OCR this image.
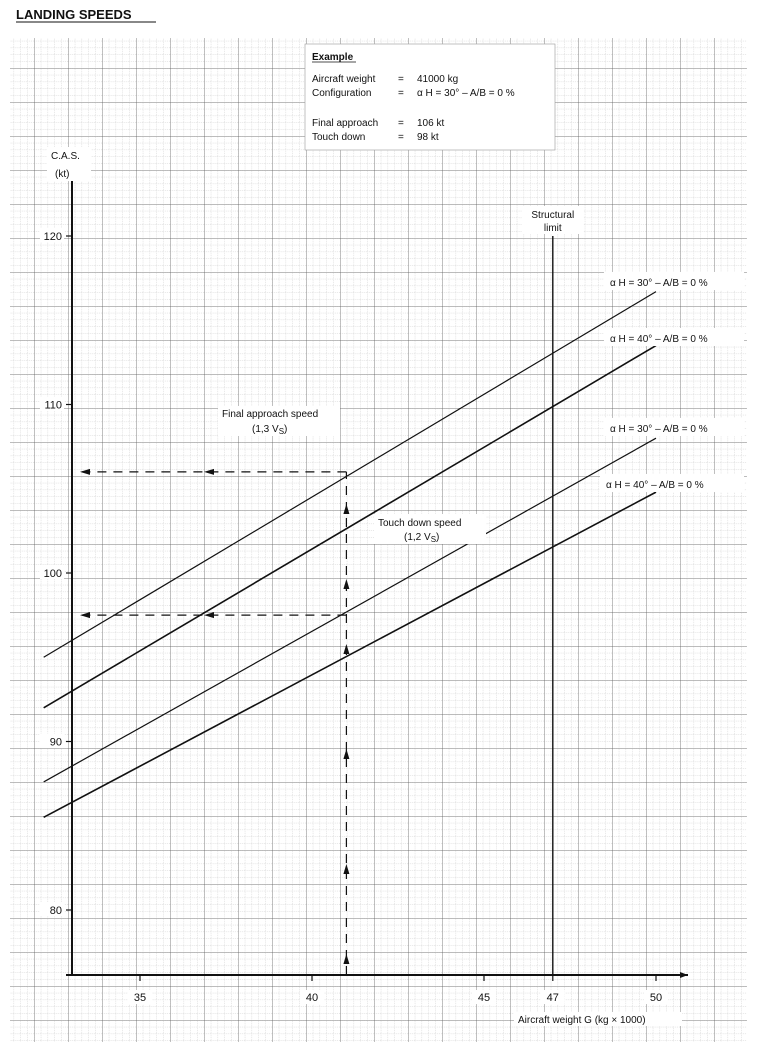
LANDING SPEEDS
Example
Aircraft weight = 41000 kg
Configuration	= α H = 30° – A/B = 0 %
Final approach = 106 kt
Touch down	= 98 kt
C.A.S.
(kt)
Aircraft weight G (kg × 1000)
80
90
100
110
120
35	40	45	47	50
Structural
limit
α H = 30° – A/B = 0 %
α H = 40° – A/B = 0 %
α H = 30° – A/B = 0 %
α H = 40° – A/B = 0 %
Final approach speed
(1,3 $V_S$)
Touch down speed
(1,2 $V_S$)
